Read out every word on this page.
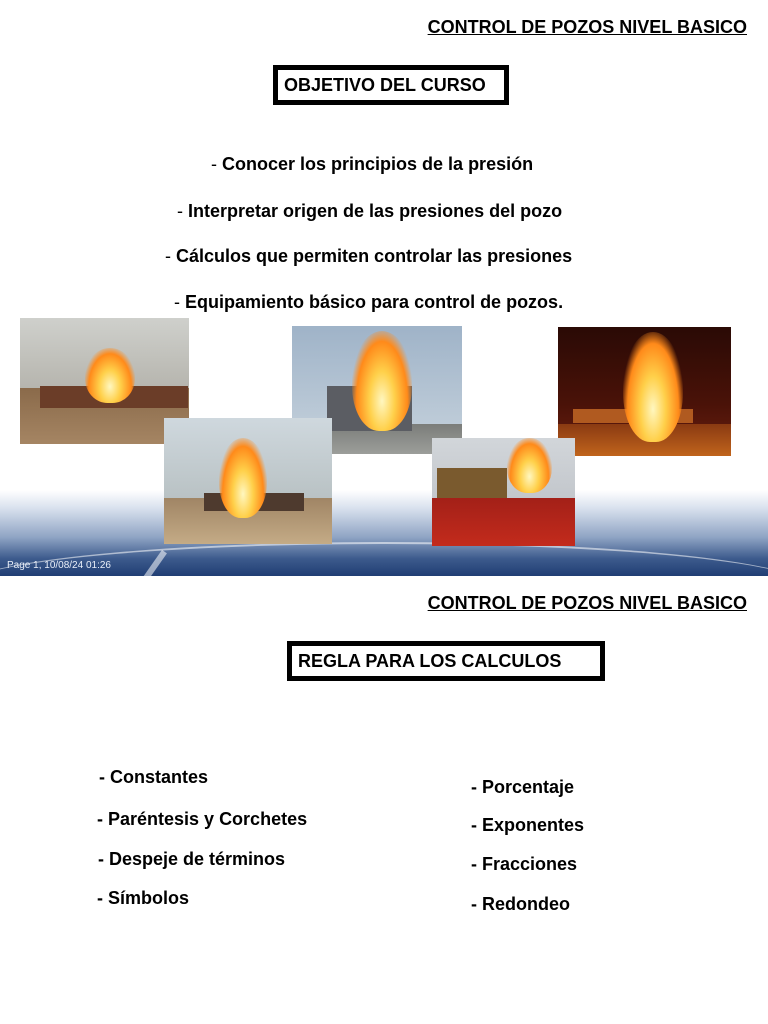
CONTROL DE POZOS NIVEL BASICO
OBJETIVO DEL CURSO
- Conocer los principios de la presión
- Interpretar origen de las presiones del pozo
- Cálculos que permiten controlar las presiones
- Equipamiento básico para control de pozos.
Page 1, 10/08/24 01:26
CONTROL DE POZOS NIVEL BASICO
REGLA PARA LOS CALCULOS
- Constantes
- Paréntesis y Corchetes
- Despeje de términos
- Símbolos
- Porcentaje
- Exponentes
- Fracciones
- Redondeo
